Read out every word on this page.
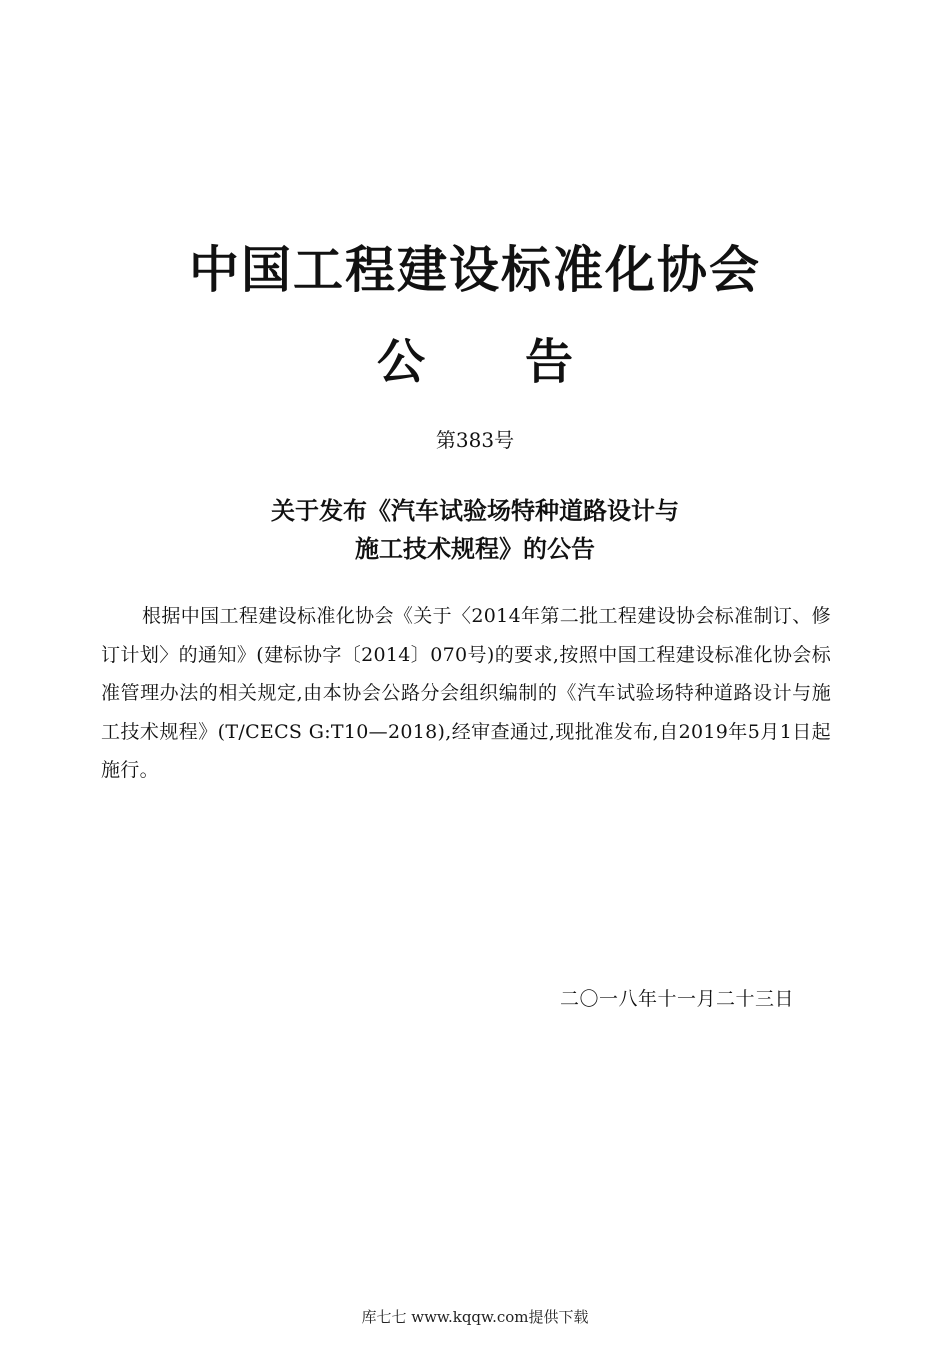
中国工程建设标准化协会
公告
第383号
关于发布《汽车试验场特种道路设计与
施工技术规程》的公告

根据中国工程建设标准化协会《关于〈2014年第二批工程建设协会标准制订、修订计划〉的通知》(建标协字〔2014〕070号)的要求,按照中国工程建设标准化协会标准管理办法的相关规定,由本协会公路分会组织编制的《汽车试验场特种道路设计与施工技术规程》(T/CECS G:T10—2018),经审查通过,现批准发布,自2019年5月1日起施行。

二〇一八年十一月二十三日
库七七 www.kqqw.com提供下载
